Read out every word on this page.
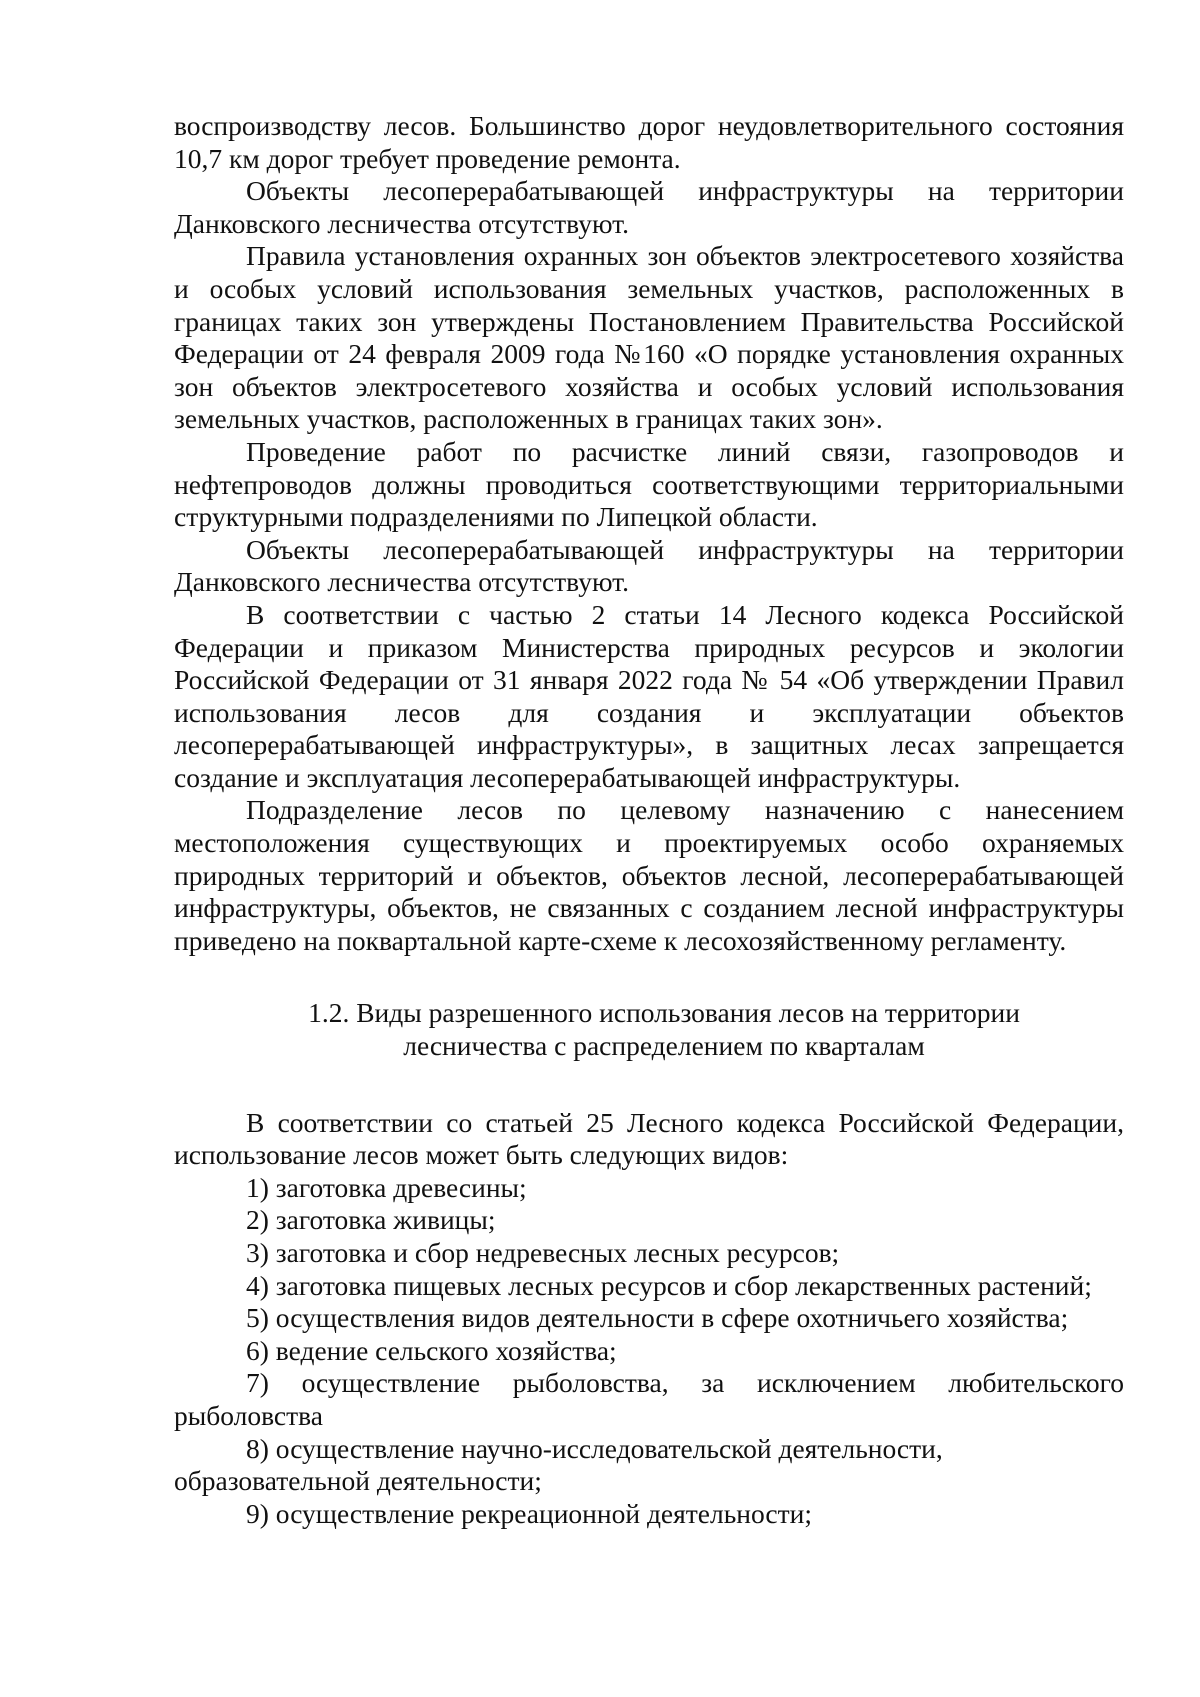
воспроизводству лесов. Большинство дорог неудовлетворительного состояния 10,7 км дорог требует проведение ремонта.

Объекты лесоперерабатывающей инфраструктуры на территории Данковского лесничества отсутствуют.

Правила установления охранных зон объектов электросетевого хозяйства и особых условий использования земельных участков, расположенных в границах таких зон утверждены Постановлением Правительства Российской Федерации от 24 февраля 2009 года №160 «О порядке установления охранных зон объектов электросетевого хозяйства и особых условий использования земельных участков, расположенных в границах таких зон».

Проведение работ по расчистке линий связи, газопроводов и нефтепроводов должны проводиться соответствующими территориальными структурными подразделениями по Липецкой области.

Объекты лесоперерабатывающей инфраструктуры на территории Данковского лесничества отсутствуют.

В соответствии с частью 2 статьи 14 Лесного кодекса Российской Федерации и приказом Министерства природных ресурсов и экологии Российской Федерации от 31 января 2022 года № 54 «Об утверждении Правил использования лесов для создания и эксплуатации объектов лесоперерабатывающей инфраструктуры», в защитных лесах запрещается создание и эксплуатация лесоперерабатывающей инфраструктуры.

Подразделение лесов по целевому назначению с нанесением местоположения существующих и проектируемых особо охраняемых природных территорий и объектов, объектов лесной, лесоперерабатывающей инфраструктуры, объектов, не связанных с созданием лесной инфраструктуры приведено на поквартальной карте-схеме к лесохозяйственному регламенту.

1.2. Виды разрешенного использования лесов на территории
лесничества с распределением по кварталам

В соответствии со статьей 25 Лесного кодекса Российской Федерации, использование лесов может быть следующих видов:

1) заготовка древесины;

2) заготовка живицы;

3) заготовка и сбор недревесных лесных ресурсов;

4) заготовка пищевых лесных ресурсов и сбор лекарственных растений;

5) осуществления видов деятельности в сфере охотничьего хозяйства;

6) ведение сельского хозяйства;

7) осуществление рыболовства, за исключением любительского рыболовства

8) осуществление научно-исследовательской деятельности, образовательной деятельности;

9) осуществление рекреационной деятельности;
